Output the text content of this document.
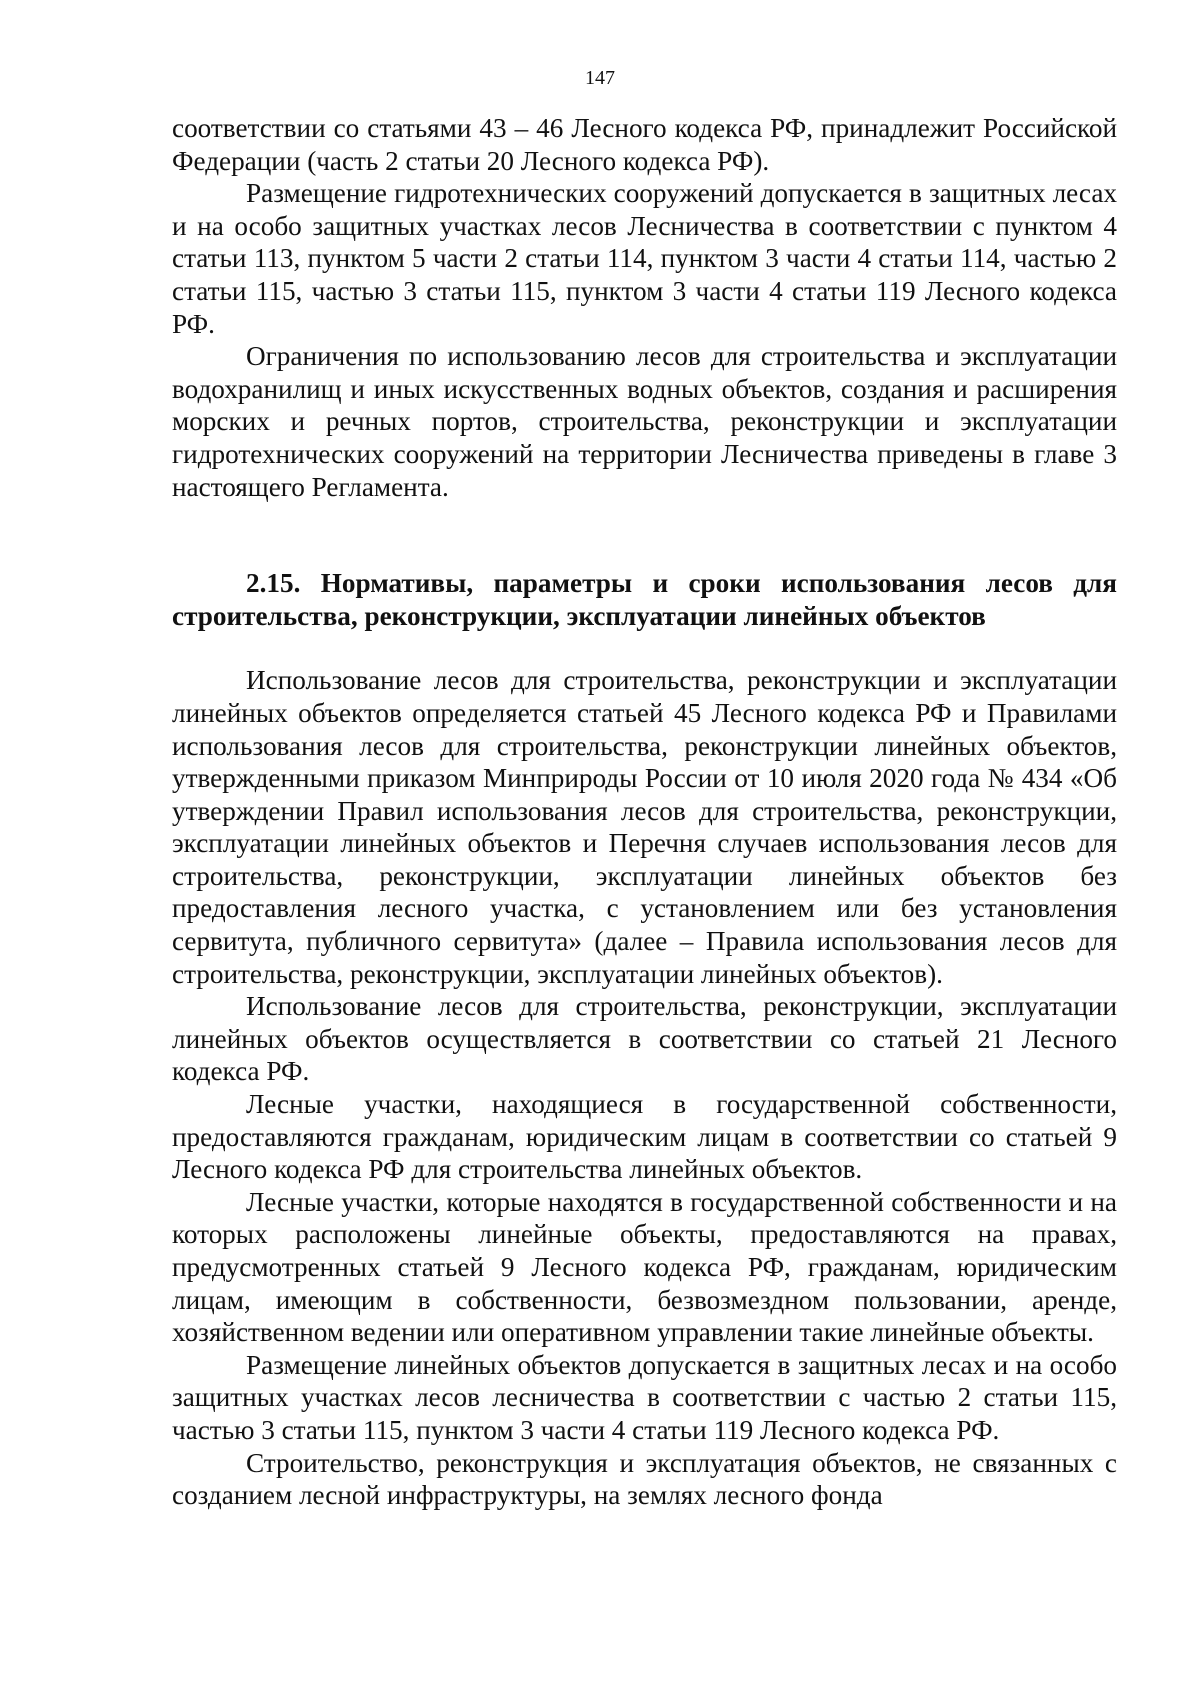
147

соответствии со статьями 43 – 46 Лесного кодекса РФ, принадлежит Российской Федерации (часть 2 статьи 20 Лесного кодекса РФ).

Размещение гидротехнических сооружений допускается в защитных лесах и на особо защитных участках лесов Лесничества в соответствии с пунктом 4 статьи 113, пунктом 5 части 2 статьи 114, пунктом 3 части 4 статьи 114, частью 2 статьи 115, частью 3 статьи 115, пунктом 3 части 4 статьи 119 Лесного кодекса РФ.

Ограничения по использованию лесов для строительства и эксплуатации водохранилищ и иных искусственных водных объектов, создания и расширения морских и речных портов, строительства, реконструкции и эксплуатации гидротехнических сооружений на территории Лесничества приведены в главе 3 настоящего Регламента.

2.15. Нормативы, параметры и сроки использования лесов для строительства, реконструкции, эксплуатации линейных объектов

Использование лесов для строительства, реконструкции и эксплуатации линейных объектов определяется статьей 45 Лесного кодекса РФ и Правилами использования лесов для строительства, реконструкции линейных объектов, утвержденными приказом Минприроды России от 10 июля 2020 года № 434 «Об утверждении Правил использования лесов для строительства, реконструкции, эксплуатации линейных объектов и Перечня случаев использования лесов для строительства, реконструкции, эксплуатации линейных объектов без предоставления лесного участка, с установлением или без установления сервитута, публичного сервитута» (далее – Правила использования лесов для строительства, реконструкции, эксплуатации линейных объектов).

Использование лесов для строительства, реконструкции, эксплуатации линейных объектов осуществляется в соответствии со статьей 21 Лесного кодекса РФ.

Лесные участки, находящиеся в государственной собственности, предоставляются гражданам, юридическим лицам в соответствии со статьей 9 Лесного кодекса РФ для строительства линейных объектов.

Лесные участки, которые находятся в государственной собственности и на которых расположены линейные объекты, предоставляются на правах, предусмотренных статьей 9 Лесного кодекса РФ, гражданам, юридическим лицам, имеющим в собственности, безвозмездном пользовании, аренде, хозяйственном ведении или оперативном управлении такие линейные объекты.

Размещение линейных объектов допускается в защитных лесах и на особо защитных участках лесов лесничества в соответствии с частью 2 статьи 115, частью 3 статьи 115, пунктом 3 части 4 статьи 119 Лесного кодекса РФ.

Строительство, реконструкция и эксплуатация объектов, не связанных с созданием лесной инфраструктуры, на землях лесного фонда
